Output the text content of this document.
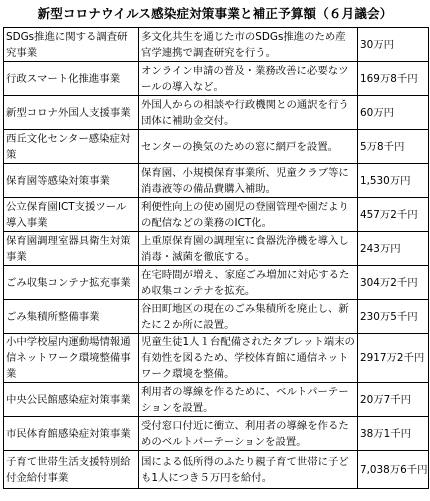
新型コロナウイルス感染症対策事業と補正予算額（６月議会）
SDGs推進に関する調査研究事業	多文化共生を通じた市のSDGs推進のため産官学連携で調査研究を行う。	30万円
行政スマート化推進事業	オンライン申請の普及・業務改善に必要なツールの導入など。	169万8千円
新型コロナ外国人支援事業	外国人からの相談や行政機関との通訳を行う団体に補助金交付。	60万円
西丘文化センター感染症対策	センターの換気のための窓に網戸を設置。	5万8千円
保育園等感染対策事業	保育園、小規模保育事業所、児童クラブ等に消毒液等の備品費購入補助。	1,530万円
公立保育園ICT支援ツール導入事業	利便性向上の使め園児の登園管理や園だよりの配信などの業務のICT化。	457万2千円
保育園調理室器具衛生対策事業	上重原保育園の調理室に食器洗浄機を導入し消毒・滅菌を徹底する。	243万円
ごみ収集コンテナ拡充事業	在宅時間が増え、家庭ごみ増加に対応するため収集コンテナを拡充。	304万2千円
ごみ集積所整備事業	谷田町地区の現在のごみ集積所を廃止し、新たに２か所に設置。	230万5千円
小中学校屋内運動場情報通信ネットワーク環境整備事業	児童生徒1人１台配備されたタブレット端末の有効性を図るため、学校体育館に通信ネットワーク環境を整備。	2917万2千円
中央公民館感染症対策事業	利用者の導線を作るために、ベルトパーテーションを設置。	20万7千円
市民体育館感染症対策事業	受付窓口付近に衝立、利用者の導線を作るためのベルトパーテーションを設置。	38万1千円
子育て世帯生活支援特別給付金給付事業	国による低所得のふたり親子育て世帯に子ども1人につき５万円を給付。	7,038万6千円
